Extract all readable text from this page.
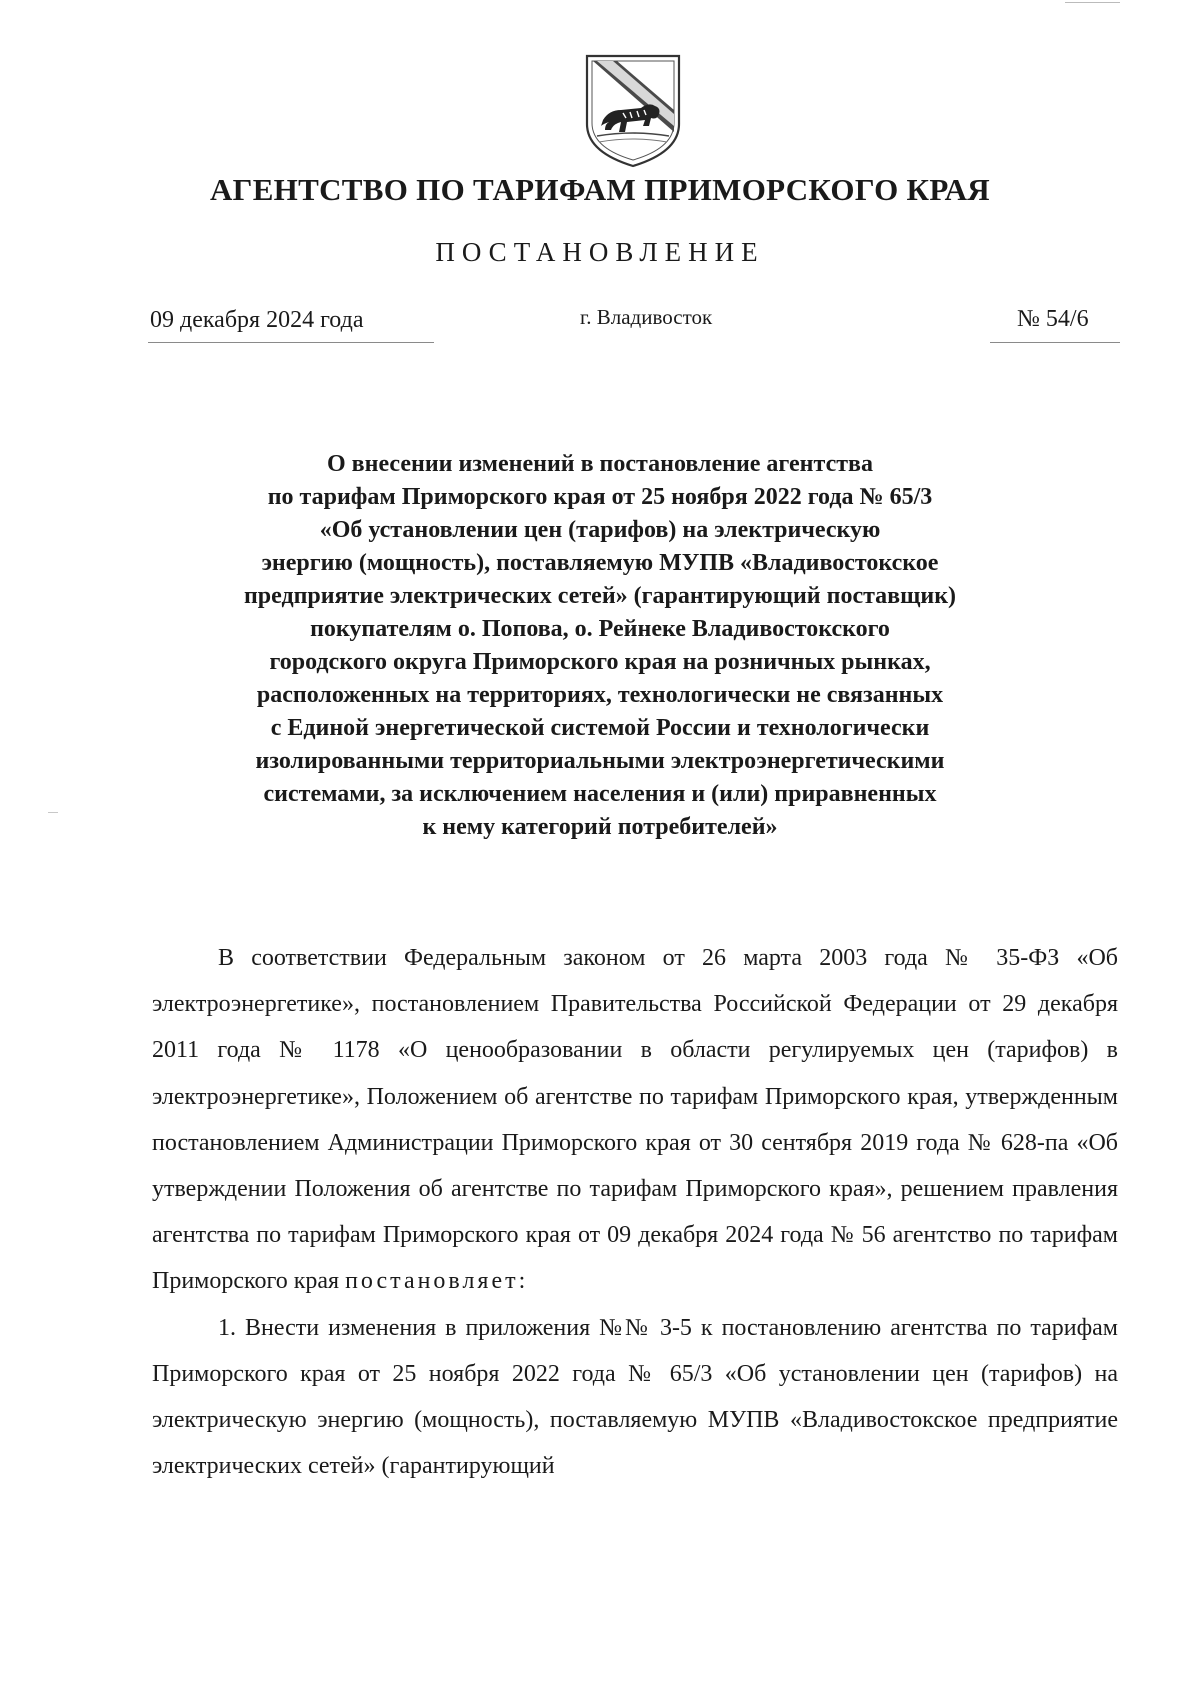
АГЕНТСТВО ПО ТАРИФАМ ПРИМОРСКОГО КРАЯ
ПОСТАНОВЛЕНИЕ
09 декабря 2024 года	г. Владивосток	№ 54/6
О внесении изменений в постановление агентства
по тарифам Приморского края от 25 ноября 2022 года № 65/3
«Об установлении цен (тарифов) на электрическую
энергию (мощность), поставляемую МУПВ «Владивостокское
предприятие электрических сетей» (гарантирующий поставщик)
покупателям о. Попова, о. Рейнеке Владивостокского
городского округа Приморского края на розничных рынках,
расположенных на территориях, технологически не связанных
с Единой энергетической системой России и технологически
изолированными территориальными электроэнергетическими
системами, за исключением населения и (или) приравненных
к нему категорий потребителей»

В соответствии Федеральным законом от 26 марта 2003 года № 35-ФЗ «Об электроэнергетике», постановлением Правительства Российской Федерации от 29 декабря 2011 года № 1178 «О ценообразовании в области регулируемых цен (тарифов) в электроэнергетике», Положением об агентстве по тарифам Приморского края, утвержденным постановлением Администрации Приморского края от 30 сентября 2019 года № 628-па «Об утверждении Положения об агентстве по тарифам Приморского края», решением правления агентства по тарифам Приморского края от 09 декабря 2024 года № 56 агентство по тарифам Приморского края постановляет:

1. Внести изменения в приложения №№ 3-5 к постановлению агентства по тарифам Приморского края от 25 ноября 2022 года № 65/3 «Об установлении цен (тарифов) на электрическую энергию (мощность), поставляемую МУПВ «Владивостокское предприятие электрических сетей» (гарантирующий
